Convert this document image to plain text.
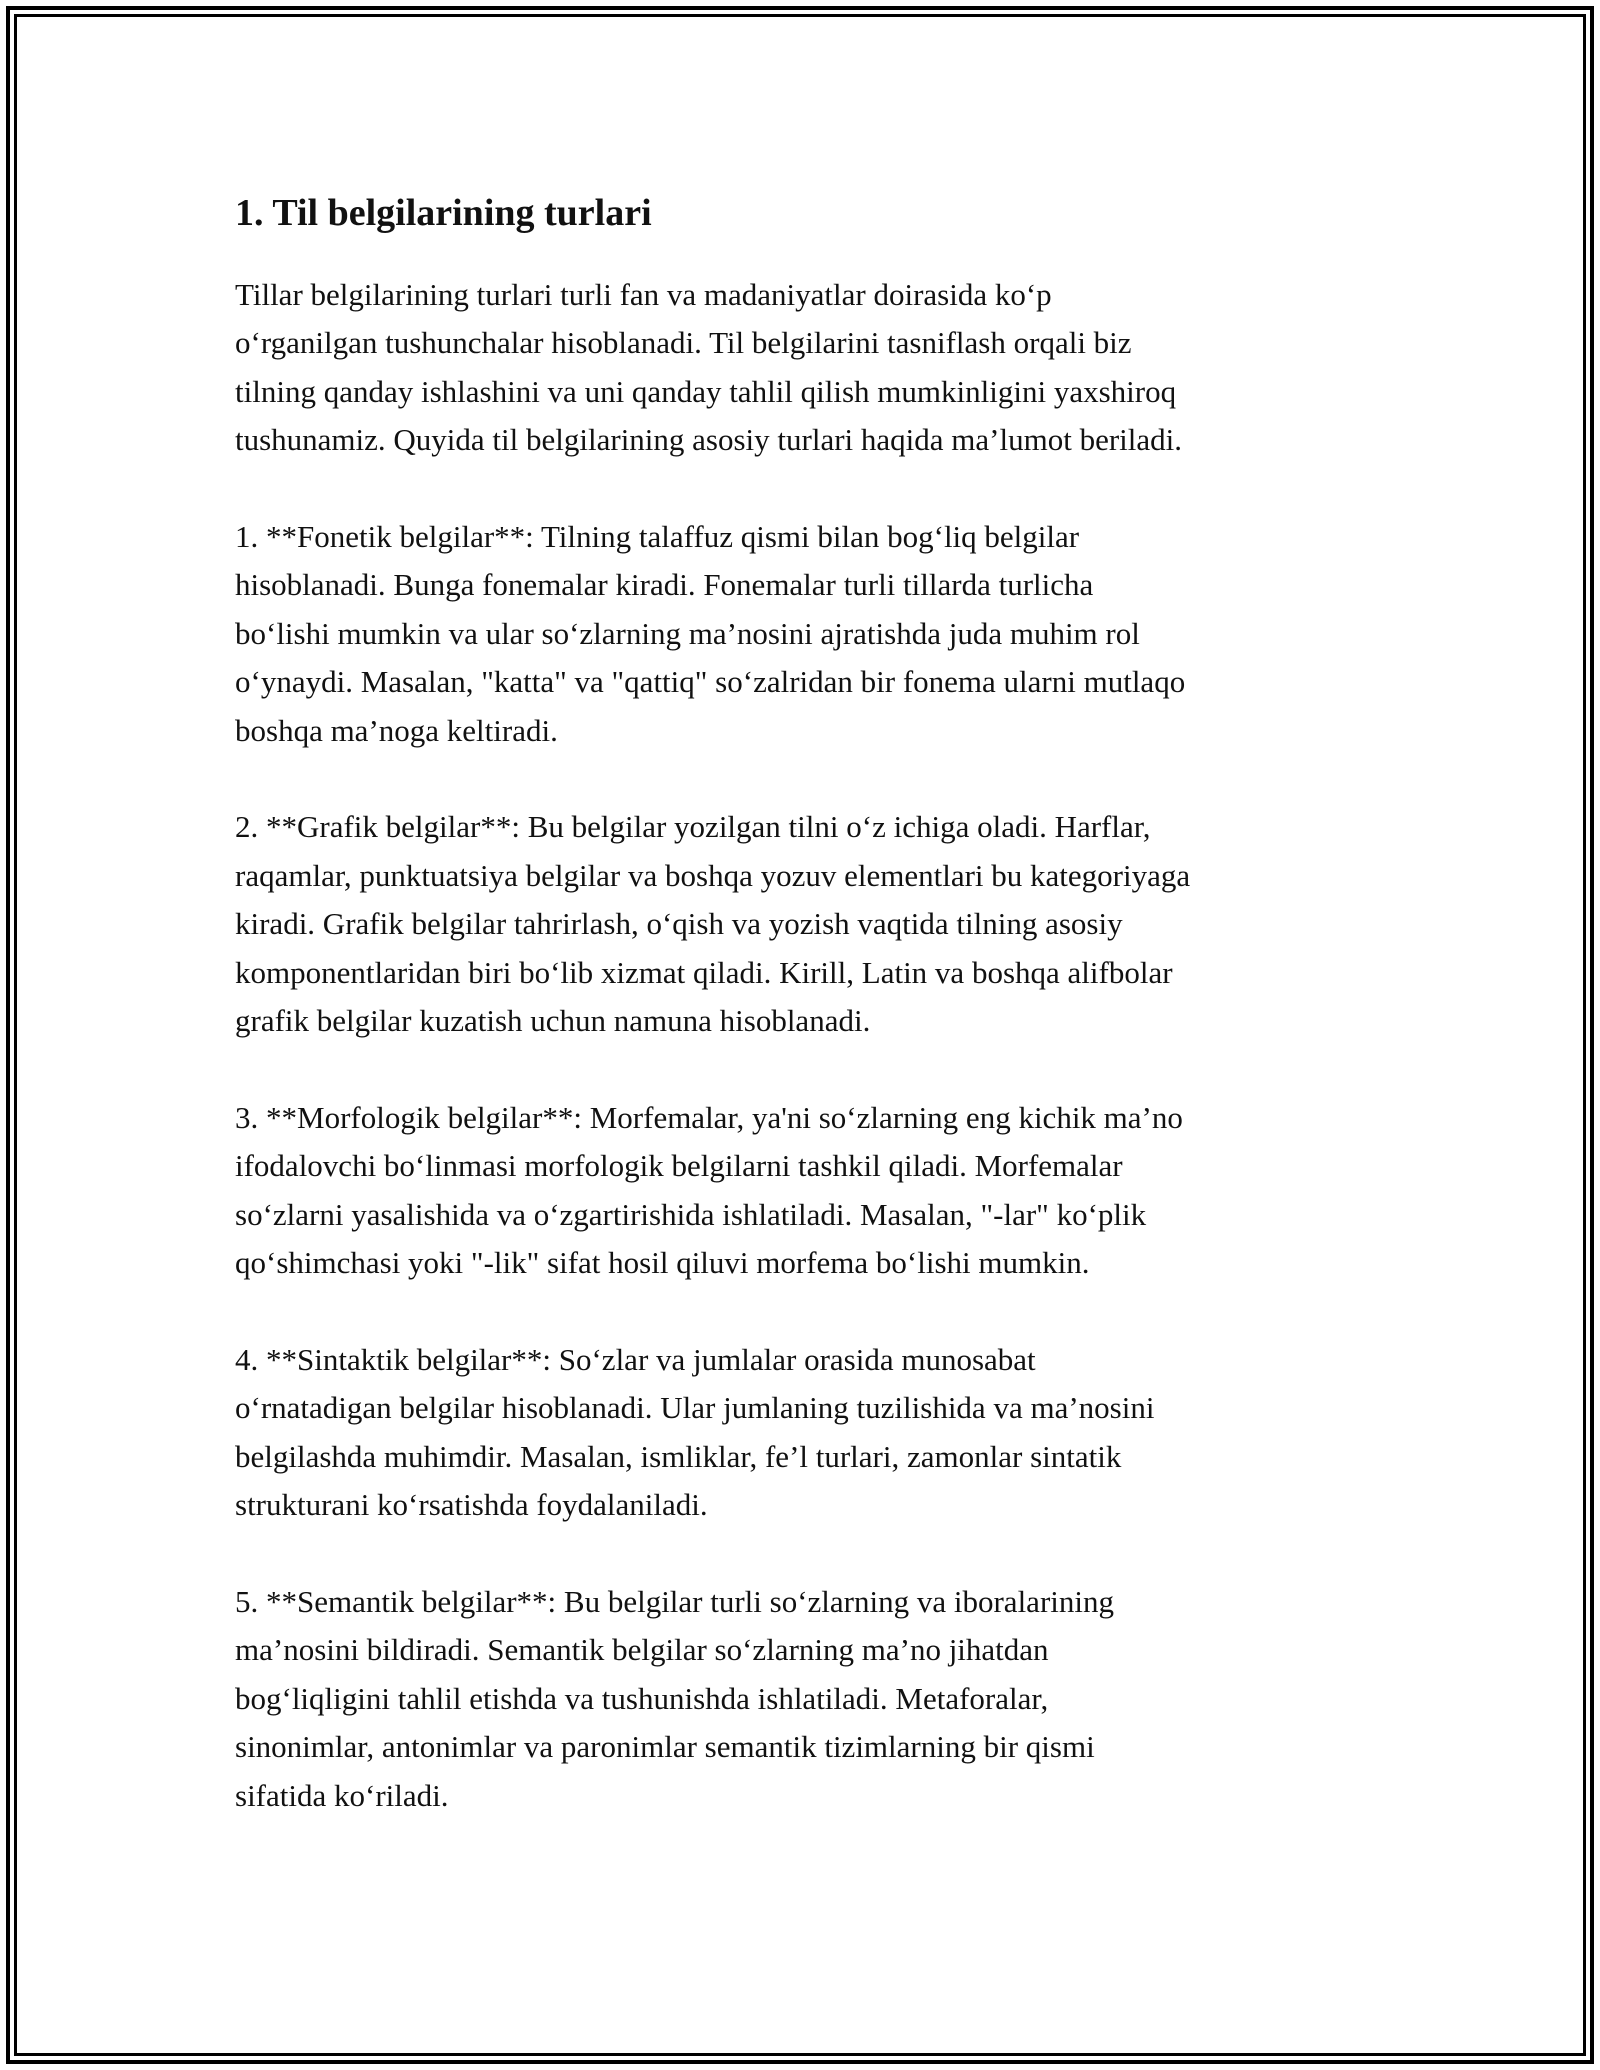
1. Til belgilarining turlari
Tillar belgilarining turlari turli fan va madaniyatlar doirasida ko‘p
o‘rganilgan tushunchalar hisoblanadi. Til belgilarini tasniflash orqali biz
tilning qanday ishlashini va uni qanday tahlil qilish mumkinligini yaxshiroq
tushunamiz. Quyida til belgilarining asosiy turlari haqida ma’lumot beriladi.
1. **Fonetik belgilar**: Tilning talaffuz qismi bilan bog‘liq belgilar
hisoblanadi. Bunga fonemalar kiradi. Fonemalar turli tillarda turlicha
bo‘lishi mumkin va ular so‘zlarning ma’nosini ajratishda juda muhim rol
o‘ynaydi. Masalan, "katta" va "qattiq" so‘zalridan bir fonema ularni mutlaqo
boshqa ma’noga keltiradi.
2. **Grafik belgilar**: Bu belgilar yozilgan tilni o‘z ichiga oladi. Harflar,
raqamlar, punktuatsiya belgilar va boshqa yozuv elementlari bu kategoriyaga
kiradi. Grafik belgilar tahrirlash, o‘qish va yozish vaqtida tilning asosiy
komponentlaridan biri bo‘lib xizmat qiladi. Kirill, Latin va boshqa alifbolar
grafik belgilar kuzatish uchun namuna hisoblanadi.
3. **Morfologik belgilar**: Morfemalar, ya'ni so‘zlarning eng kichik ma’no
ifodalovchi bo‘linmasi morfologik belgilarni tashkil qiladi. Morfemalar
so‘zlarni yasalishida va o‘zgartirishida ishlatiladi. Masalan, "-lar" ko‘plik
qo‘shimchasi yoki "-lik" sifat hosil qiluvi morfema bo‘lishi mumkin.
4. **Sintaktik belgilar**: So‘zlar va jumlalar orasida munosabat
o‘rnatadigan belgilar hisoblanadi. Ular jumlaning tuzilishida va ma’nosini
belgilashda muhimdir. Masalan, ismliklar, fe’l turlari, zamonlar sintatik
strukturani ko‘rsatishda foydalaniladi.
5. **Semantik belgilar**: Bu belgilar turli so‘zlarning va iboralarining
ma’nosini bildiradi. Semantik belgilar so‘zlarning ma’no jihatdan
bog‘liqligini tahlil etishda va tushunishda ishlatiladi. Metaforalar,
sinonimlar, antonimlar va paronimlar semantik tizimlarning bir qismi
sifatida ko‘riladi.
